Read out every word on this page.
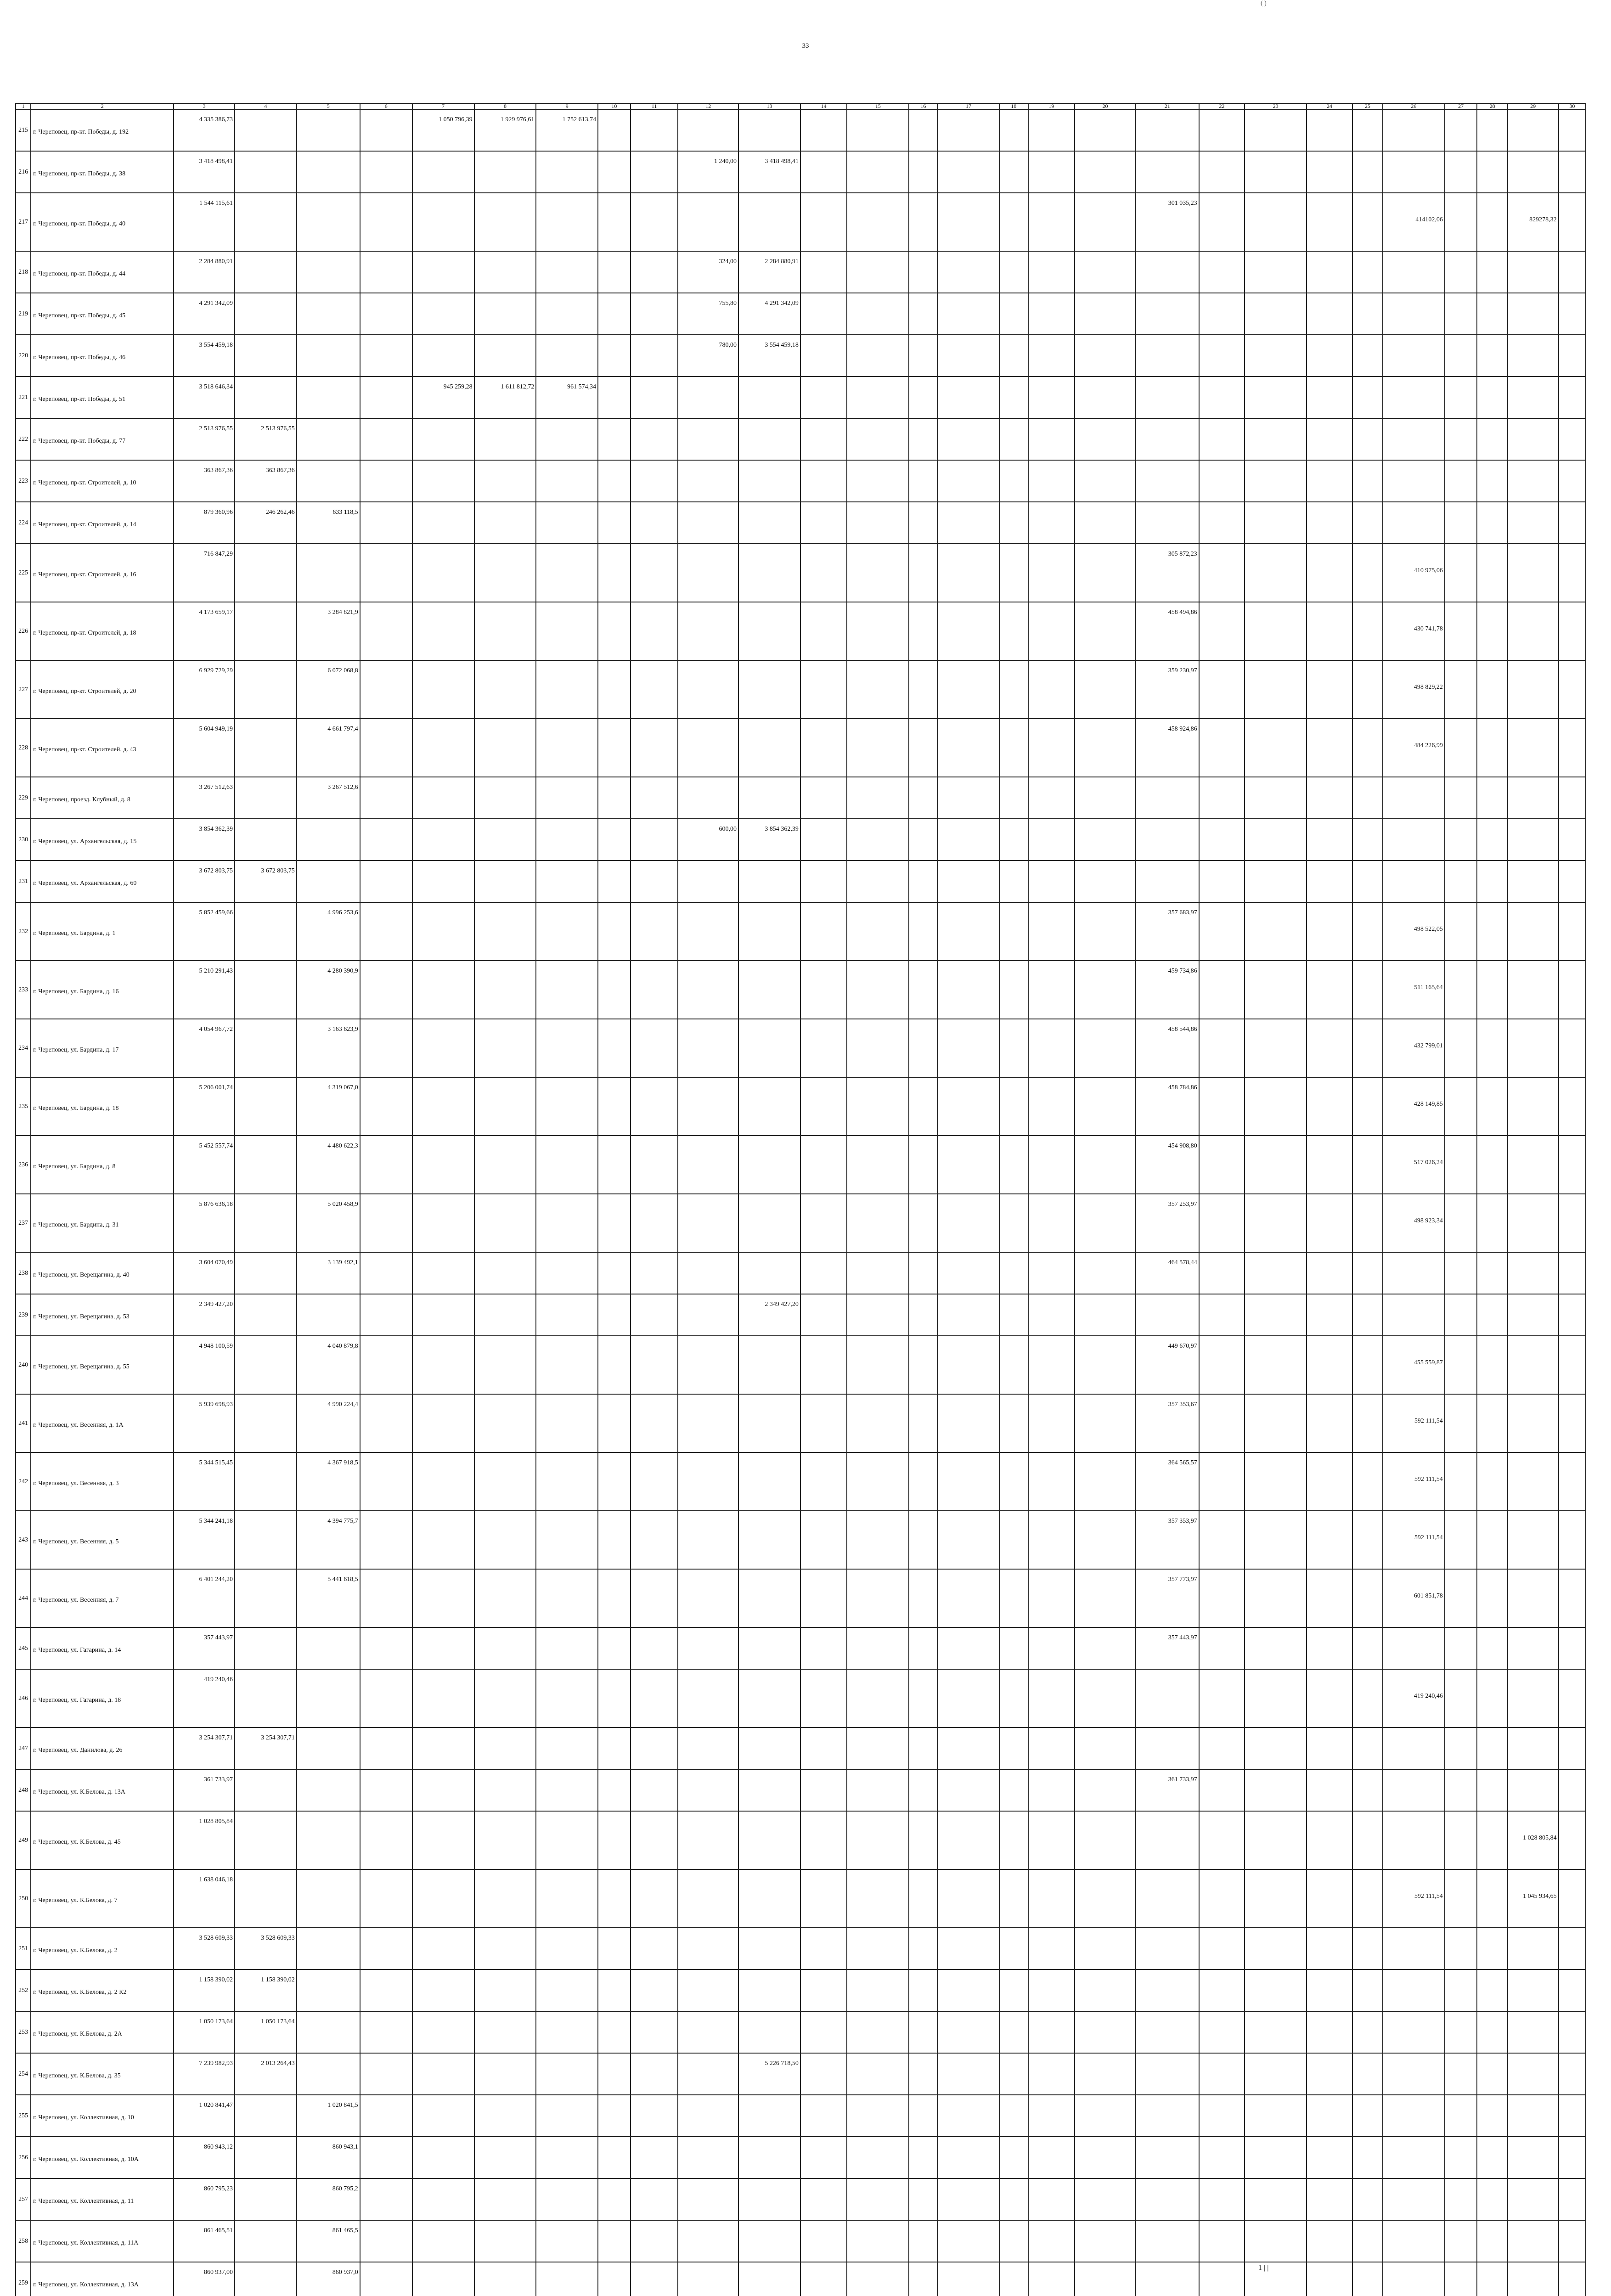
( )
33
1	2	3	4	5	6	7	8	9	10	11	12	13	14	15	16	17	18	19	20	21	22	23	24	25	26	27	28	29	30
215	г. Череповец, пр-кт. Победы, д. 192	4 335 386,73				1 050 796,39	1 929 976,61	1 752 613,74																					
216	г. Череповец, пр-кт. Победы, д. 38	3 418 498,41									1 240,00	3 418 498,41																	
217	г. Череповец, пр-кт. Победы, д. 40	1 544 115,61																		301 035,23					414102,06			829278,32	
218	г. Череповец, пр-кт. Победы, д. 44	2 284 880,91									324,00	2 284 880,91																	
219	г. Череповец, пр-кт. Победы, д. 45	4 291 342,09									755,80	4 291 342,09																	
220	г. Череповец, пр-кт. Победы, д. 46	3 554 459,18									780,00	3 554 459,18																	
221	г. Череповец, пр-кт. Победы, д. 51	3 518 646,34				945 259,28	1 611 812,72	961 574,34																					
222	г. Череповец, пр-кт. Победы, д. 77	2 513 976,55	2 513 976,55																										
223	г. Череповец, пр-кт. Строителей, д. 10	363 867,36	363 867,36																										
224	г. Череповец, пр-кт. Строителей, д. 14	879 360,96	246 262,46	633 118,5																									
225	г. Череповец, пр-кт. Строителей, д. 16	716 847,29																		305 872,23					410 975,06				
226	г. Череповец, пр-кт. Строителей, д. 18	4 173 659,17		3 284 821,9																458 494,86					430 741,78				
227	г. Череповец, пр-кт. Строителей, д. 20	6 929 729,29		6 072 068,8																359 230,97					498 829,22				
228	г. Череповец, пр-кт. Строителей, д. 43	5 604 949,19		4 661 797,4																458 924,86					484 226,99				
229	г. Череповец, проезд. Клубный, д. 8	3 267 512,63		3 267 512,6																									
230	г. Череповец, ул. Архангельская, д. 15	3 854 362,39									600,00	3 854 362,39																	
231	г. Череповец, ул. Архангельская, д. 60	3 672 803,75	3 672 803,75																										
232	г. Череповец, ул. Бардина, д. 1	5 852 459,66		4 996 253,6																357 683,97					498 522,05				
233	г. Череповец, ул. Бардина, д. 16	5 210 291,43		4 280 390,9																459 734,86					511 165,64				
234	г. Череповец, ул. Бардина, д. 17	4 054 967,72		3 163 623,9																458 544,86					432 799,01				
235	г. Череповец, ул. Бардина, д. 18	5 206 001,74		4 319 067,0																458 784,86					428 149,85				
236	г. Череповец, ул. Бардина, д. 8	5 452 557,74		4 480 622,3																454 908,80					517 026,24				
237	г. Череповец, ул. Бардина, д. 31	5 876 636,18		5 020 458,9																357 253,97					498 923,34				
238	г. Череповец, ул. Верещагина, д. 40	3 604 070,49		3 139 492,1																464 578,44									
239	г. Череповец, ул. Верещагина, д. 53	2 349 427,20										2 349 427,20																	
240	г. Череповец, ул. Верещагина, д. 55	4 948 100,59		4 040 879,8																449 670,97					455 559,87				
241	г. Череповец, ул. Весенняя, д. 1А	5 939 698,93		4 990 224,4																357 353,67					592 111,54				
242	г. Череповец, ул. Весенняя, д. 3	5 344 515,45		4 367 918,5																364 565,57					592 111,54				
243	г. Череповец, ул. Весенняя, д. 5	5 344 241,18		4 394 775,7																357 353,97					592 111,54				
244	г. Череповец, ул. Весенняя, д. 7	6 401 244,20		5 441 618,5																357 773,97					601 851,78				
245	г. Череповец, ул. Гагарина, д. 14	357 443,97																		357 443,97									
246	г. Череповец, ул. Гагарина, д. 18	419 240,46																							419 240,46				
247	г. Череповец, ул. Данилова, д. 26	3 254 307,71	3 254 307,71																										
248	г. Череповец, ул. К.Белова, д. 13А	361 733,97																		361 733,97									
249	г. Череповец, ул. К.Белова, д. 45	1 028 805,84																										1 028 805,84	
250	г. Череповец, ул. К.Белова, д. 7	1 638 046,18																							592 111,54			1 045 934,65	
251	г. Череповец, ул. К.Белова, д. 2	3 528 609,33	3 528 609,33																										
252	г. Череповец, ул. К.Белова, д. 2 К2	1 158 390,02	1 158 390,02																										
253	г. Череповец, ул. К.Белова, д. 2А	1 050 173,64	1 050 173,64																										
254	г. Череповец, ул. К.Белова, д. 35	7 239 982,93	2 013 264,43									5 226 718,50																	
255	г. Череповец, ул. Коллективная, д. 10	1 020 841,47		1 020 841,5																									
256	г. Череповец, ул. Коллективная, д. 10А	860 943,12		860 943,1																									
257	г. Череповец, ул. Коллективная, д. 11	860 795,23		860 795,2																									
258	г. Череповец, ул. Коллективная, д. 11А	861 465,51		861 465,5																									
259	г. Череповец, ул. Коллективная, д. 13А	860 937,00		860 937,0																									

1 | |
